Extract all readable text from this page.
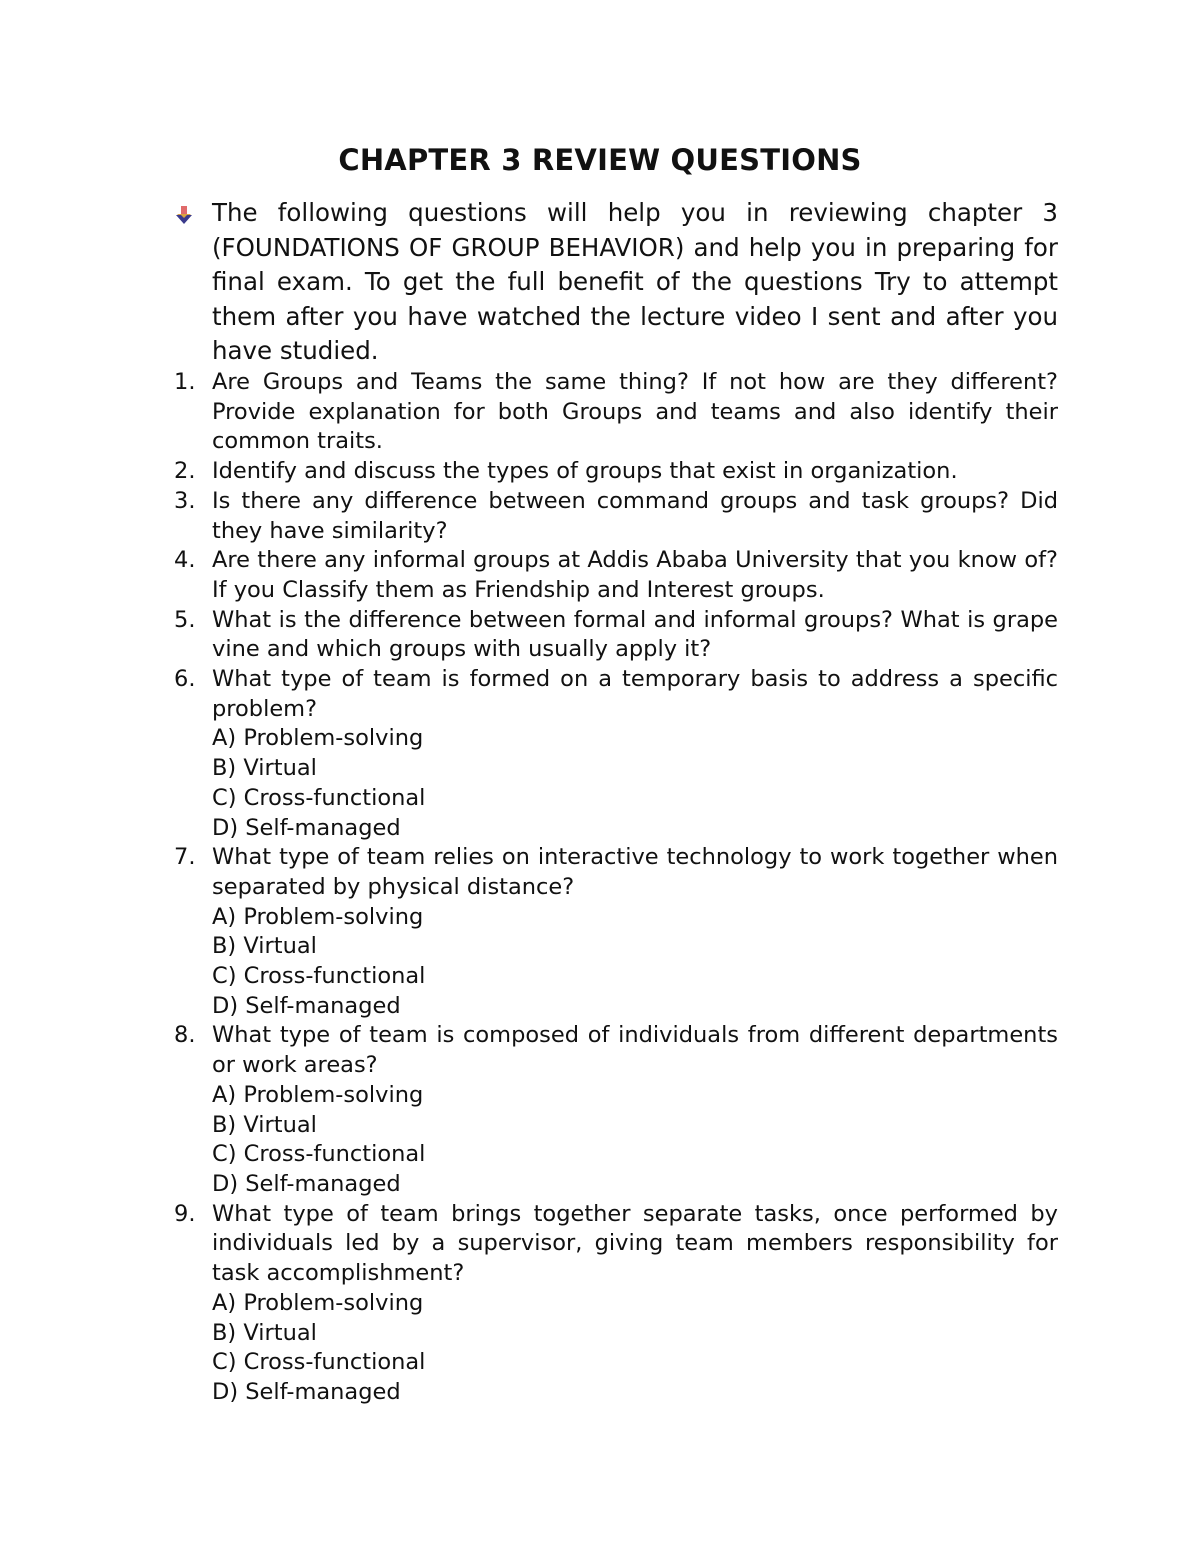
CHAPTER 3 REVIEW QUESTIONS
The following questions will help you in reviewing chapter 3 (FOUNDATIONS OF GROUP BEHAVIOR) and help you in preparing for final exam. To get the full benefit of the questions Try to attempt them after you have watched the lecture video I sent and after you have studied.
1. Are Groups and Teams the same thing? If not how are they different? Provide explanation for both Groups and teams and also identify their common traits.
2. Identify and discuss the types of groups that exist in organization.
3. Is there any difference between command groups and task groups? Did they have similarity?
4. Are there any informal groups at Addis Ababa University that you know of? If you Classify them as Friendship and Interest groups.
5. What is the difference between formal and informal groups? What is grape vine and which groups with usually apply it?
6. What type of team is formed on a temporary basis to address a specific problem?
A) Problem-solving
B) Virtual
C) Cross-functional
D) Self-managed
7. What type of team relies on interactive technology to work together when separated by physical distance?
A) Problem-solving
B) Virtual
C) Cross-functional
D) Self-managed
8. What type of team is composed of individuals from different departments or work areas?
A) Problem-solving
B) Virtual
C) Cross-functional
D) Self-managed
9. What type of team brings together separate tasks, once performed by individuals led by a supervisor, giving team members responsibility for task accomplishment?
A) Problem-solving
B) Virtual
C) Cross-functional
D) Self-managed
